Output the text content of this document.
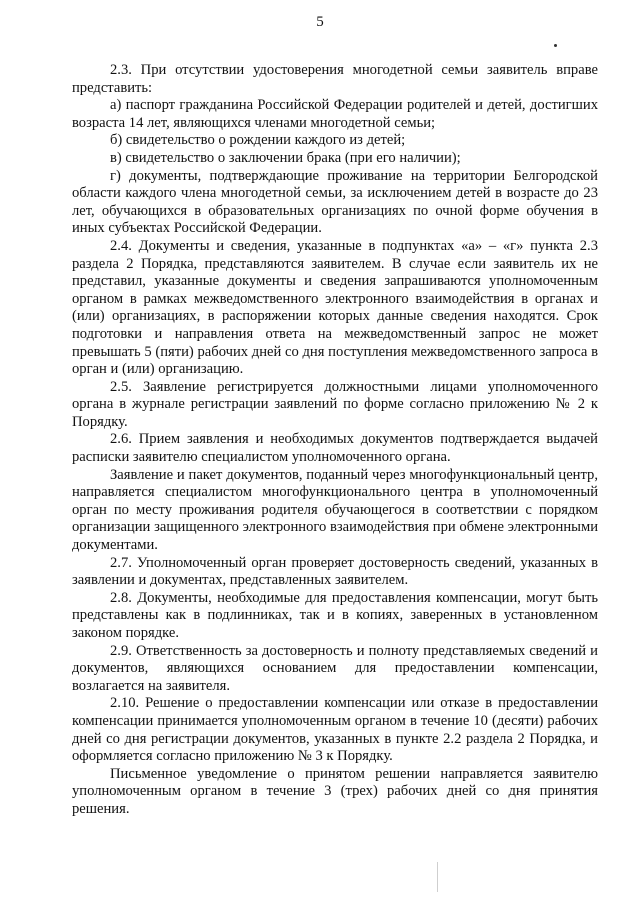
5

2.3. При отсутствии удостоверения многодетной семьи заявитель вправе представить:

а) паспорт гражданина Российской Федерации родителей и детей, достигших возраста 14 лет, являющихся членами многодетной семьи;

б) свидетельство о рождении каждого из детей;

в) свидетельство о заключении брака (при его наличии);

г) документы, подтверждающие проживание на территории Белгородской области каждого члена многодетной семьи, за исключением детей в возрасте до 23 лет, обучающихся в образовательных организациях по очной форме обучения в иных субъектах Российской Федерации.

2.4. Документы и сведения, указанные в подпунктах «а» – «г» пункта 2.3 раздела 2 Порядка, представляются заявителем. В случае если заявитель их не представил, указанные документы и сведения запрашиваются уполномоченным органом в рамках межведомственного электронного взаимодействия в органах и (или) организациях, в распоряжении которых данные сведения находятся. Срок подготовки и направления ответа на межведомственный запрос не может превышать 5 (пяти) рабочих дней со дня поступления межведомственного запроса в орган и (или) организацию.

2.5. Заявление регистрируется должностными лицами уполномоченного органа в журнале регистрации заявлений по форме согласно приложению № 2 к Порядку.

2.6. Прием заявления и необходимых документов подтверждается выдачей расписки заявителю специалистом уполномоченного органа.

Заявление и пакет документов, поданный через многофункциональный центр, направляется специалистом многофункционального центра в уполномоченный орган по месту проживания родителя обучающегося в соответствии с порядком организации защищенного электронного взаимодействия при обмене электронными документами.

2.7. Уполномоченный орган проверяет достоверность сведений, указанных в заявлении и документах, представленных заявителем.

2.8. Документы, необходимые для предоставления компенсации, могут быть представлены как в подлинниках, так и в копиях, заверенных в установленном законом порядке.

2.9. Ответственность за достоверность и полноту представляемых сведений и документов, являющихся основанием для предоставлении компенсации, возлагается на заявителя.

2.10. Решение о предоставлении компенсации или отказе в предоставлении компенсации принимается уполномоченным органом в течение 10 (десяти) рабочих дней со дня регистрации документов, указанных в пункте 2.2 раздела 2 Порядка, и оформляется согласно приложению № 3 к Порядку.

Письменное уведомление о принятом решении направляется заявителю уполномоченным органом в течение 3 (трех) рабочих дней со дня принятия решения.
